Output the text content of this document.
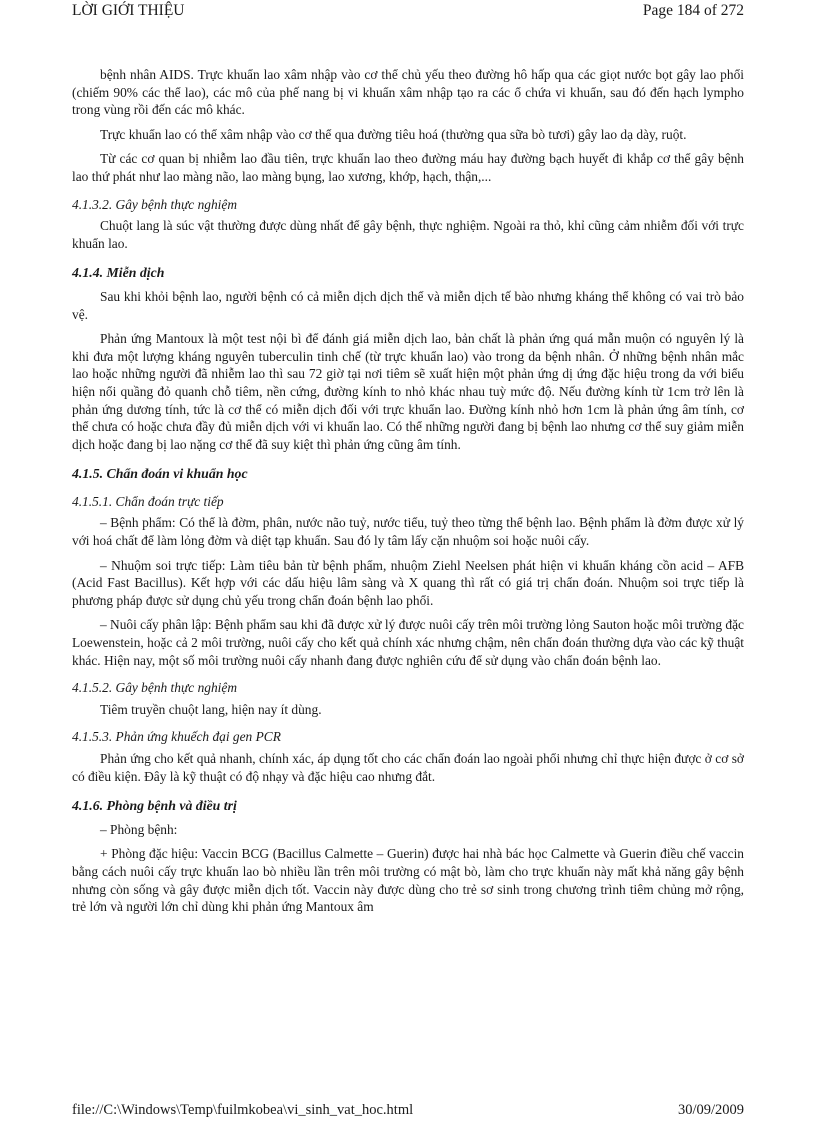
LỜI GIỚI THIỆU	Page 184 of 272

bệnh nhân AIDS. Trực khuẩn lao xâm nhập vào cơ thể chủ yếu theo đường hô hấp qua các giọt nước bọt gây lao phổi (chiếm 90% các thể lao), các mô của phế nang bị vi khuẩn xâm nhập tạo ra các ổ chứa vi khuẩn, sau đó đến hạch lympho trong vùng rồi đến các mô khác.

Trực khuẩn lao có thể xâm nhập vào cơ thể qua đường tiêu hoá (thường qua sữa bò tươi) gây lao dạ dày, ruột.

Từ các cơ quan bị nhiễm lao đầu tiên, trực khuẩn lao theo đường máu hay đường bạch huyết đi khắp cơ thể gây bệnh lao thứ phát như lao màng não, lao màng bụng, lao xương, khớp, hạch, thận,...

4.1.3.2. Gây bệnh thực nghiệm

Chuột lang là súc vật thường được dùng nhất để gây bệnh, thực nghiệm. Ngoài ra thỏ, khỉ cũng cảm nhiễm đối với trực khuẩn lao.

4.1.4. Miễn dịch

Sau khi khỏi bệnh lao, người bệnh có cả miễn dịch dịch thể và miễn dịch tế bào nhưng kháng thể không có vai trò bảo vệ.

Phản ứng Mantoux là một test nội bì để đánh giá miễn dịch lao, bản chất là phản ứng quá mẫn muộn có nguyên lý là khi đưa một lượng kháng nguyên tuberculin tinh chế (từ trực khuẩn lao) vào trong da bệnh nhân. Ở những bệnh nhân mắc lao hoặc những người đã nhiễm lao thì sau 72 giờ tại nơi tiêm sẽ xuất hiện một phản ứng dị ứng đặc hiệu trong da với biểu hiện nổi quầng đỏ quanh chỗ tiêm, nền cứng, đường kính to nhỏ khác nhau tuỳ mức độ. Nếu đường kính từ 1cm trở lên là phản ứng dương tính, tức là cơ thể có miễn dịch đối với trực khuẩn lao. Đường kính nhỏ hơn 1cm là phản ứng âm tính, cơ thể chưa có hoặc chưa đầy đủ miễn dịch với vi khuẩn lao. Có thể những người đang bị bệnh lao nhưng cơ thể suy giảm miễn dịch hoặc đang bị lao nặng cơ thể đã suy kiệt thì phản ứng cũng âm tính.

4.1.5. Chẩn đoán vi khuẩn học
4.1.5.1. Chẩn đoán trực tiếp

– Bệnh phẩm: Có thể là đờm, phân, nước não tuỷ, nước tiểu, tuỷ theo từng thể bệnh lao. Bệnh phẩm là đờm được xử lý với hoá chất để làm lỏng đờm và diệt tạp khuẩn. Sau đó ly tâm lấy cặn nhuộm soi hoặc nuôi cấy.

– Nhuộm soi trực tiếp: Làm tiêu bản từ bệnh phẩm, nhuộm Ziehl Neelsen phát hiện vi khuẩn kháng cồn acid – AFB (Acid Fast Bacillus). Kết hợp với các dấu hiệu lâm sàng và X quang thì rất có giá trị chẩn đoán. Nhuộm soi trực tiếp là phương pháp được sử dụng chủ yếu trong chẩn đoán bệnh lao phổi.

– Nuôi cấy phân lập: Bệnh phẩm sau khi đã được xử lý được nuôi cấy trên môi trường lỏng Sauton hoặc môi trường đặc Loewenstein, hoặc cả 2 môi trường, nuôi cấy cho kết quả chính xác nhưng chậm, nên chẩn đoán thường dựa vào các kỹ thuật khác. Hiện nay, một số môi trường nuôi cấy nhanh đang được nghiên cứu để sử dụng vào chẩn đoán bệnh lao.

4.1.5.2. Gây bệnh thực nghiệm

Tiêm truyền chuột lang, hiện nay ít dùng.

4.1.5.3. Phản ứng khuếch đại gen PCR

Phản ứng cho kết quả nhanh, chính xác, áp dụng tốt cho các chẩn đoán lao ngoài phổi nhưng chỉ thực hiện được ở cơ sở có điều kiện. Đây là kỹ thuật có độ nhạy và đặc hiệu cao nhưng đắt.

4.1.6. Phòng bệnh và điều trị

– Phòng bệnh:

+ Phòng đặc hiệu: Vaccin BCG (Bacillus Calmette – Guerin) được hai nhà bác học Calmette và Guerin điều chế vaccin bằng cách nuôi cấy trực khuẩn lao bò nhiều lần trên môi trường có mật bò, làm cho trực khuẩn này mất khả năng gây bệnh nhưng còn sống và gây được miễn dịch tốt. Vaccin này được dùng cho trẻ sơ sinh trong chương trình tiêm chủng mở rộng, trẻ lớn và người lớn chỉ dùng khi phản ứng Mantoux âm

file://C:\Windows\Temp\fuilmkobea\vi_sinh_vat_hoc.html	30/09/2009
